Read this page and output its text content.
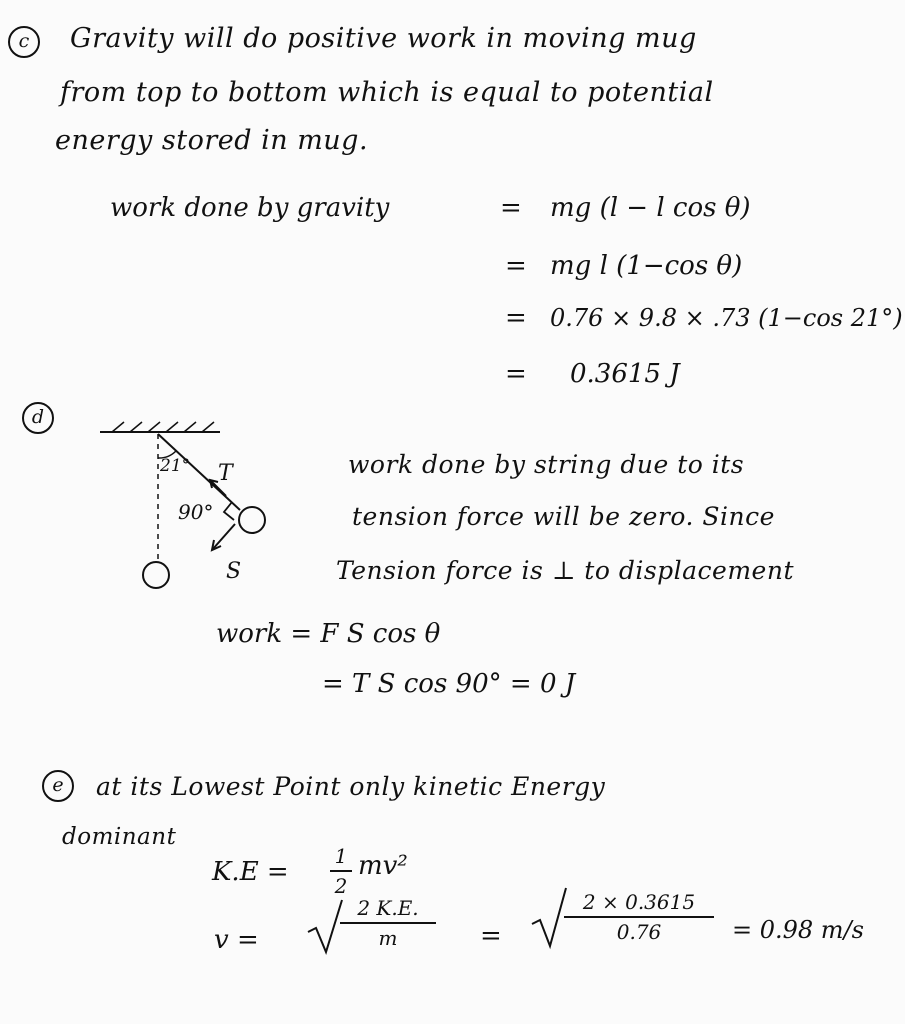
c	Gravity will do positive work in moving mug
from top to bottom which is equal to potential
energy stored in mug.
work done by gravity	= mg (l − l cos θ)
= mg l (1−cos θ)
= 0.76 × 9.8 × .73 (1−cos 21°)
= 0.3615 J
d
21° T
90°
S
work done by string due to its
tension force will be zero. Since
Tension force is ⊥ to displacement
work = F S cos θ
= T S cos 90° = 0 J
e	at its Lowest Point only kinetic Energy
dominant
K.E =
1
2
mv²
v =
2 K.E.
m	=
2 × 0.3615
0.76	= 0.98 m/s
